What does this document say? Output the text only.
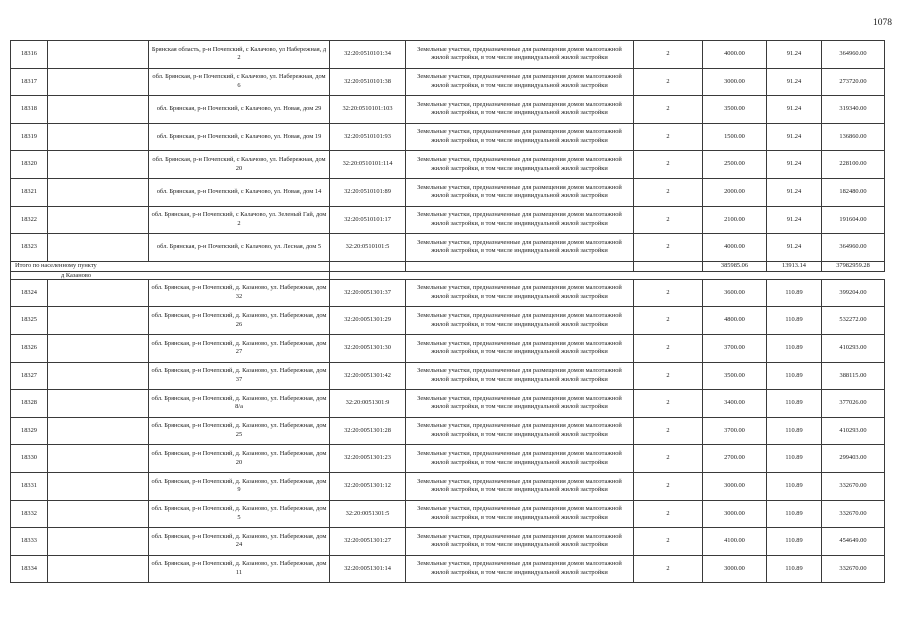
1078
18316		Брянская область, р-н Почепский, с Калачово, ул Набережная, д 2	32:20:0510101:34	Земельные участки, предназначенные для размещения домов малоэтажной жилой застройки, в том числе индивидуальной жилой застройки	2	4000.00	91.24	364960.00
18317		обл. Брянская, р-н Почепский, с Калачово, ул. Набережная, дом 6	32:20:0510101:38	Земельные участки, предназначенные для размещения домов малоэтажной жилой застройки, в том числе индивидуальной жилой застройки	2	3000.00	91.24	273720.00
18318		обл. Брянская, р-н Почепский, с Калачово, ул. Новая, дом 29	32:20:0510101:103	Земельные участки, предназначенные для размещения домов малоэтажной жилой застройки, в том числе индивидуальной жилой застройки	2	3500.00	91.24	319340.00
18319		обл. Брянская, р-н Почепский, с Калачово, ул. Новая, дом 19	32:20:0510101:93	Земельные участки, предназначенные для размещения домов малоэтажной жилой застройки, в том числе индивидуальной жилой застройки	2	1500.00	91.24	136860.00
18320		обл. Брянская, р-н Почепский, с Калачово, ул. Набережная, дом 20	32:20:0510101:114	Земельные участки, предназначенные для размещения домов малоэтажной жилой застройки, в том числе индивидуальной жилой застройки	2	2500.00	91.24	228100.00
18321		обл. Брянская, р-н Почепский, с Калачово, ул. Новая, дом 14	32:20:0510101:89	Земельные участки, предназначенные для размещения домов малоэтажной жилой застройки, в том числе индивидуальной жилой застройки	2	2000.00	91.24	182480.00
18322		обл. Брянская, р-н Почепский, с Калачово, ул. Зеленый Гай, дом 2	32:20:0510101:17	Земельные участки, предназначенные для размещения домов малоэтажной жилой застройки, в том числе индивидуальной жилой застройки	2	2100.00	91.24	191604.00
18323		обл. Брянская, р-н Почепский, с Калачово, ул. Лесная, дом 5	32:20:0510101:5	Земельные участки, предназначенные для размещения домов малоэтажной жилой застройки, в том числе индивидуальной жилой застройки	2	4000.00	91.24	364960.00
Итого по населенному пункту						385985.06	13913.14	37982959.28
д Казаново								
18324		обл. Брянская, р-н Почепский, д. Казаново, ул. Набережная, дом 32	32:20:0051301:37	Земельные участки, предназначенные для размещения домов малоэтажной жилой застройки, в том числе индивидуальной жилой застройки	2	3600.00	110.89	399204.00
18325		обл. Брянская, р-н Почепский, д. Казаново, ул. Набережная, дом 26	32:20:0051301:29	Земельные участки, предназначенные для размещения домов малоэтажной жилой застройки, в том числе индивидуальной жилой застройки	2	4800.00	110.89	532272.00
18326		обл. Брянская, р-н Почепский, д. Казаново, ул. Набережная, дом 27	32:20:0051301:30	Земельные участки, предназначенные для размещения домов малоэтажной жилой застройки, в том числе индивидуальной жилой застройки	2	3700.00	110.89	410293.00
18327		обл. Брянская, р-н Почепский, д. Казаново, ул. Набережная, дом 37	32:20:0051301:42	Земельные участки, предназначенные для размещения домов малоэтажной жилой застройки, в том числе индивидуальной жилой застройки	2	3500.00	110.89	388115.00
18328		обл. Брянская, р-н Почепский, д. Казаново, ул. Набережная, дом 8/а	32:20:0051301:9	Земельные участки, предназначенные для размещения домов малоэтажной жилой застройки, в том числе индивидуальной жилой застройки	2	3400.00	110.89	377026.00
18329		обл. Брянская, р-н Почепский, д. Казаново, ул. Набережная, дом 25	32:20:0051301:28	Земельные участки, предназначенные для размещения домов малоэтажной жилой застройки, в том числе индивидуальной жилой застройки	2	3700.00	110.89	410293.00
18330		обл. Брянская, р-н Почепский, д. Казаново, ул. Набережная, дом 20	32:20:0051301:23	Земельные участки, предназначенные для размещения домов малоэтажной жилой застройки, в том числе индивидуальной жилой застройки	2	2700.00	110.89	299403.00
18331		обл. Брянская, р-н Почепский, д. Казаново, ул. Набережная, дом 9	32:20:0051301:12	Земельные участки, предназначенные для размещения домов малоэтажной жилой застройки, в том числе индивидуальной жилой застройки	2	3000.00	110.89	332670.00
18332		обл. Брянская, р-н Почепский, д. Казаново, ул. Набережная, дом 5	32:20:0051301:5	Земельные участки, предназначенные для размещения домов малоэтажной жилой застройки, в том числе индивидуальной жилой застройки	2	3000.00	110.89	332670.00
18333		обл. Брянская, р-н Почепский, д. Казаново, ул. Набережная, дом 24	32:20:0051301:27	Земельные участки, предназначенные для размещения домов малоэтажной жилой застройки, в том числе индивидуальной жилой застройки	2	4100.00	110.89	454649.00
18334		обл. Брянская, р-н Почепский, д. Казаново, ул. Набережная, дом 11	32:20:0051301:14	Земельные участки, предназначенные для размещения домов малоэтажной жилой застройки, в том числе индивидуальной жилой застройки	2	3000.00	110.89	332670.00
